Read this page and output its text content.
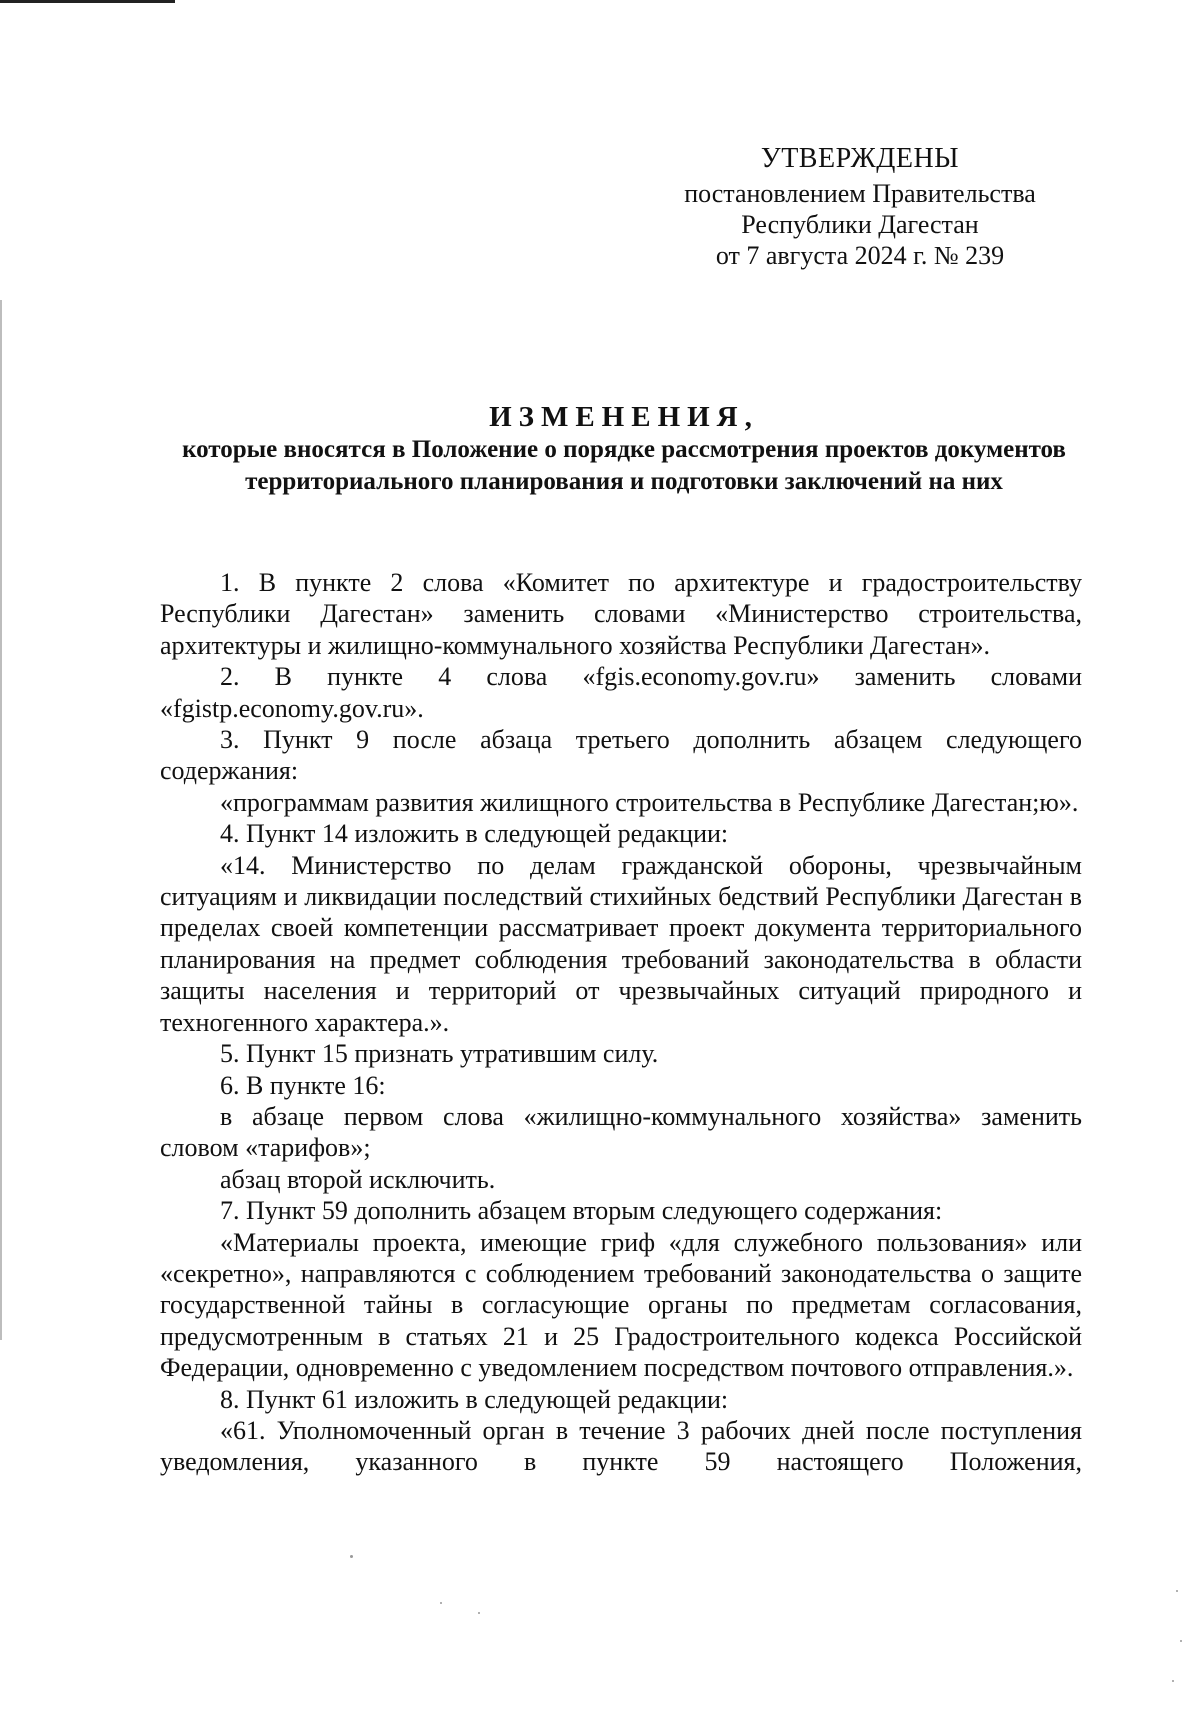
УТВЕРЖДЕНЫ
постановлением Правительства
Республики Дагестан
от 7 августа 2024 г. № 239
ИЗМЕНЕНИЯ,
которые вносятся в Положение о порядке рассмотрения проектов документов территориального планирования и подготовки заключений на них

1. В пункте 2 слова «Комитет по архитектуре и градостроительству Республики Дагестан» заменить словами «Министерство строительства, архитектуры и жилищно-коммунального хозяйства Республики Дагестан».

2. В пункте 4 слова «fgis.economy.gov.ru» заменить словами «fgistp.economy.gov.ru».

3. Пункт 9 после абзаца третьего дополнить абзацем следующего содержания:

«программам развития жилищного строительства в Республике Дагестан;ю».

4. Пункт 14 изложить в следующей редакции:

«14. Министерство по делам гражданской обороны, чрезвычайным ситуациям и ликвидации последствий стихийных бедствий Республики Дагестан в пределах своей компетенции рассматривает проект документа территориального планирования на предмет соблюдения требований законодательства в области защиты населения и территорий от чрезвычайных ситуаций природного и техногенного характера.».

5. Пункт 15 признать утратившим силу.

6. В пункте 16:

в абзаце первом слова «жилищно-коммунального хозяйства» заменить словом «тарифов»;

абзац второй исключить.

7. Пункт 59 дополнить абзацем вторым следующего содержания:

«Материалы проекта, имеющие гриф «для служебного пользования» или «секретно», направляются с соблюдением требований законодательства о защите государственной тайны в согласующие органы по предметам согласования, предусмотренным в статьях 21 и 25 Градостроительного кодекса Российской Федерации, одновременно с уведомлением посредством почтового отправления.».

8. Пункт 61 изложить в следующей редакции:

«61. Уполномоченный орган в течение 3 рабочих дней после поступления уведомления, указанного в пункте 59 настоящего Положения,
